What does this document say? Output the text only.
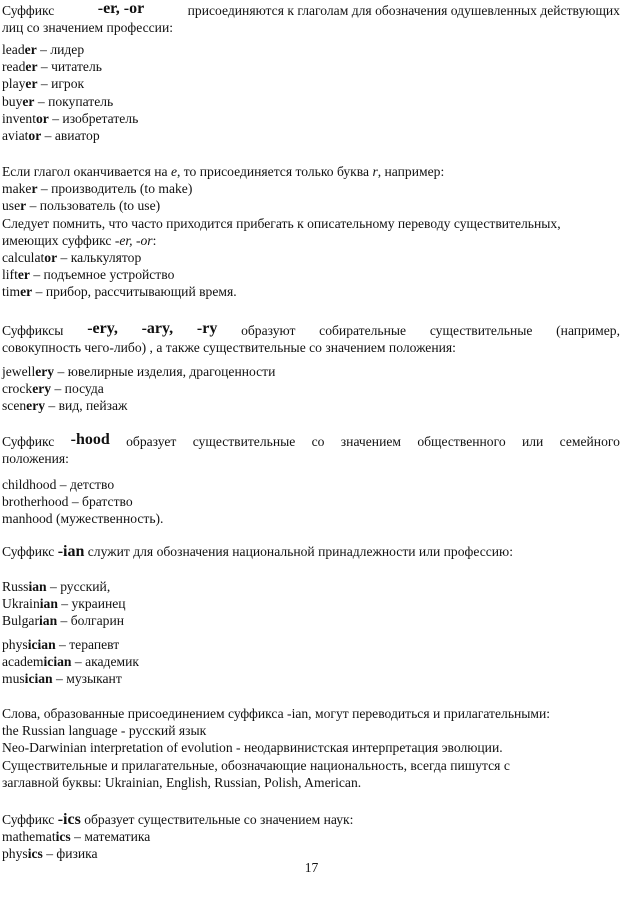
Суффикс	-er, -or	присоединяются к глаголам для обозначения одушевленных действующих

лиц со значением профессии:

leader – лидер

reader – читатель

player – игрок

buyer – покупатель

inventor – изобретатель

aviator – авиатор

Если глагол оканчивается на e, то присоединяется только буква r, например:

maker – производитель (to make)

user – пользователь (to use)

Следует помнить, что часто приходится прибегать к описательному переводу существительных,

имеющих суффикс -er, -or:

calculator – калькулятор

lifter – подъемное устройство

timer – прибор, рассчитывающий время.

Суффиксы -ery, -ary, -ry образуют собирательные существительные (например,

совокупность чего-либо) , а также существительные со значением положения:

jewellery – ювелирные изделия, драгоценности

crockery – посуда

scenery – вид, пейзаж

Суффикс -hood образует существительные со значением общественного или семейного

положения:

childhood – детство

brotherhood – братство

manhood (мужественность).

Суффикс -ian служит для обозначения национальной принадлежности или профессию:

Russian – русский,

Ukrainian – украинец

Bulgarian – болгарин

physician – терапевт

academician – академик

musician – музыкант

Слова, образованные присоединением суффикса -ian, могут переводиться и прилагательными:

the Russian language - русский язык

Neo-Darwinian interpretation of evolution - неодарвинистская интерпретация эволюции.

Существительные и прилагательные, обозначающие национальность, всегда пишутся с

заглавной буквы: Ukrainian, English, Russian, Polish, American.

Суффикс -ics образует существительные со значением наук:

mathematics – математика

physics – физика

17
